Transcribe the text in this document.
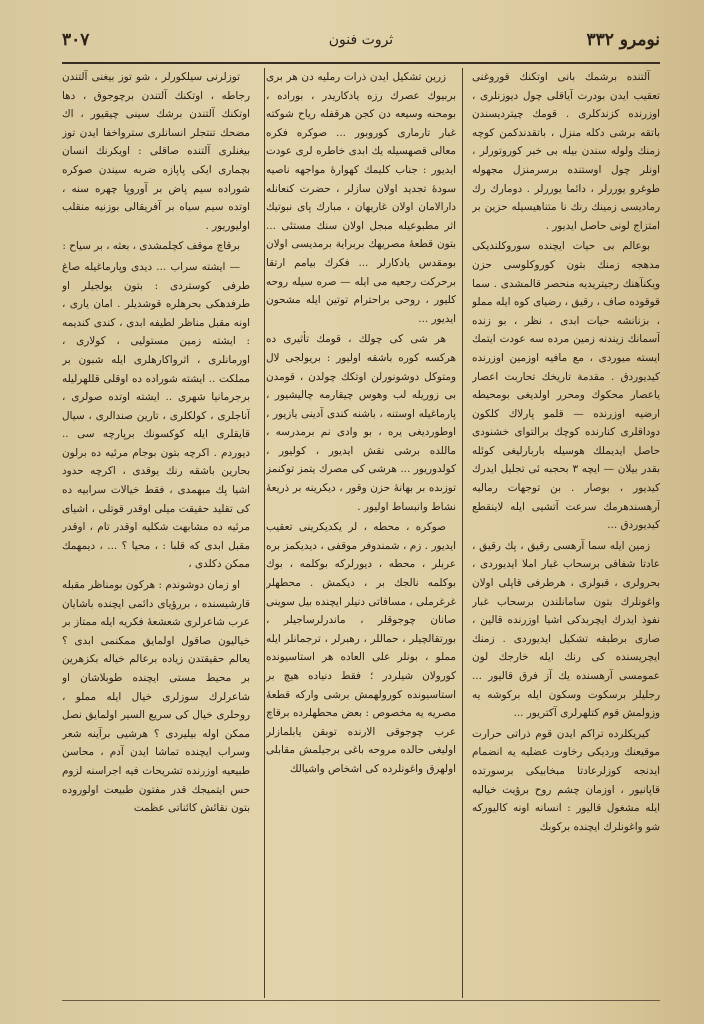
نومرو ٣٣٢
ثروت فنون
٣٠٧

آلتنده برشمك بانى اوتكنك قوروغنى تعقيب ايدن بودرت آياقلى چول ديوزنلرى ، اوزرنده كزندكلرى . قومك چيترديسندن باتقه برشى دكله منزل ، باتقدندكمن كوچه زمنك ولوله سندن بيله بى خبر كوروتورلر ، اونلر چول اوستنده برسرمنزل مجهوله طوغرو يوررلر ، دائما يوررلر . دومارك رك رماديسى زمينك رنك نا متناهيسيله حزين بر امتزاج لونى حاصل ايديور .

بوعالم بى حيات ايچنده سوروكلنديكى مدهجه زمنك بتون كوروكلوسى حزن ويكنآهنك رجيتريديه منحصر قالمشدى . سما قوقوده صاف ، رقيق ، رضياى كوه ايله مملو ، بزنانشه حيات ابدى ، نظر ، بو زنده آسمانك زيندنه زمين مرده سه عودت ايتمك ايسته ميوردى ، مع مافيه اوزمين اوزرنده كيديوردق . مقدمة تاريخك تحاربت اعصار ياعصار محكوك ومحرر اولديغى بومحيطه ارضيه اوزرنده — قلمو پارلاك كلكون دوداقلرى كنارنده كوچك برالتواى خشنودى حاصل ايديملك هوسيله باربارليغى كوئله بقدر بيلان — ايچه ٣ بحجبه ئى تجليل ايدرك كيديور ، بوصار . بن توجهات رماليه آرهسندهرمك سرعت آتشيى ايله لاينقطع كيديوردق ...

زمين ايله سما آرهسى رقيق ، پك رقيق ، عادتا شفافى برسحاب غبار املا ايديوردى ، بحرولرى ، قبولرى ، هرطرفى قاپلى اولان واغونلرك بتون سامانلندن برسحاب غبار نفوذ ايدرك ايچربدكى اشيا اوزرنده قالين ، صارى برطبقه تشكيل ايديوردى . زمنك ايچريسنده كى رنك ايله خارجك لون عمومسى آرهسنده يك آز فرق قاليور ... رجليلر برسكوت وسكون ايله بركوشه يه وزولمش قوم كتلهرلرى آكتريور ...

كيريكلرده تراكم ايدن قوم ذراتى حرارت موقيعنك ورديكى رخاوت عضليه يه انضمام ايدنجه كوزلرعادتا مبخابيكى برسورتده قاپانيور ، اوزمان چشم روح برؤيت خياليه ايله مشغول قاليور : انسانه اونه كاليوركه شو واغونلرك ايچنده بركوبك

زرين تشكيل ايدن ذرات رمليه دن هر برى بربيوك عصرك رزه يادكاريدر ، بوراده ، بومحنه وسيعه دن كجن هرقفله رياح شوكته غبار تارمارى كوروبور ... صوكره فكره معالى قصهسيله يك ابدى خاطره لرى عودت ايديور : جناب كليمك كهوارهٔ مواجهه ناصيه سودهٔ تجديد اولان سازلر ، حضرت كنعانله دارالامان اولان غاريهان ، مبارك پاى نبوتيك اثر مطبوعيله مبجل اولان سنك مستئى ... بتون قطعهٔ مصريهك بربراية برمديسى اولان بومقدس يادكارلر ... فكرك بيامم ارتقا برحركت رجعيه مى ايله — صره سيله روحه كليور ، روحى براحترام توتين ايله مشحون ايديور ...

هر شى كى چولك ، قومك تأثيرى ده هركسه كوره باشقه اوليور : بريولجى لال ومتوكل دوشونورلن اوتكك چولدن ، قومدن بى زوريله لب وهوس چيقارمه چاليشيور ، پارماغيله اوستنه ، باشنه كندى آدينى يازيور ، اوطورديغى يره ، بو وادى نم برمدرسه ، ماللده برشى نقش ايديور ، كوليور ، كولدوريور ... هرشى كى مصرك يتمز توكنمز توزىده بر بهانهٔ حزن وقور ، ديكرينه بر ذريعهٔ نشاط وانبساط اوليور .

صوكره ، محطه ، لر يكديكرينى تعقيب ايديور . زم ، شمندوفر موقفى ، ديديكمز بره عربلر ، محطه ، ديورلركه بوكلمه ، بوك بوكلمه نالجك بر ، ديكمش . محطهلر غرغرملى ، مسافاتى دنيلر ايچنده بيل سوينى صانان چوجوقلر ، ماندرلرساجيلر ، بورتقالچيلر ، حماللر ، رهبرلر ، ترجمانلر ايله مملو ، بونلر على العاده هر استاسيونده كورولان شيلردر ؛ فقط دنياده هيچ بر استاسيونده كورولهمش برشى واركه قطعهٔ مصريه يه مخصوص : بعض محطهلرده برقاچ عرب چوجوقى الارنده توبقن يابلمازلر اوليغى حالده مروحه باغى برجيلمش مقابلى اولهرق واغونلرده كى اشخاص واشيالك

توزلرنى سيلكورلر ، شو توز بيغنى آلتندن رجاطه ، اوتكنك آلتندن برچوجوق ، دها اوتكنك آلتندن برشك سينى چيقيور ، اك مضحك تنتجلر انسانلرى سترواخفا ايدن توز بيغنلرى آلتنده صاقلى : اويكرنك انسان بچمارى ايكى پاپازه ضربه سيندن صوكره شوراده سيم پاض بر آوروپا چهره سنه ، اوتده سيم سياه بر آفريقالى بوزنيه منقلب اوليوريور .

برقاچ موقف كچلمشدى ، بعثه ، بر سياح :

— ايشته سراب ... ديدى وپارماغيله صاغ طرفى كوستردى : بتون يولجيلر او طرفدهكى بحرهلره قوشديلر . امان يارى ، اونه مقبل مناظر لطيفه ابدى ، كندى كنديمه : ايشته زمين مستوليى ، كولارى ، اورمانلرى ، اثرواكارهلرى ايله شبون بر مملكت .. ايشته شوراده ده اوقلى قللهرليله برجرمانيا شهرى .. ايشته اوتده صولرى ، آناجلرى ، كولكلرى ، تارين صندالرى ، سيال قايقلرى ايله كوكسونك برپارچه سى .. ديوردم . اكرچه بتون بوجام مرئيه ده برلون بحارين باشقه رنك يوقدى ، اكرچه حدود اشيا پك مبهمدى ، فقط خيالات سرابيه ده كى تقليد حقيقت ميلى اوقدر قوتلى ، اشياى مرئيه ده مشابهت شكليه اوقدر تام ، اوقدر مقبل ابدى كه قلبا : ، محيا ؟ ... ، ديمهمك ممكن دكلدى ،

او زمان دوشوندم : هركون بومناظر مقبله قارشيسنده ، بررؤياى دائمى ايچنده باشايان عرب شاعرلرى شعشعهٔ فكريه ايله ممتاز بر خياليون صاقول اولمايق ممكنمى ابدى ؟ يعالم حقيقتدن زياده برعالم خياله بكزهرين بر محيط مستى ايچنده طوبلاشان او شاعرلرك سوزلرى خيال ايله مملو ، روحلرى خيال كى سريع السير اولمايق نصل ممكن اوله بيليردى ؟ هرشيى برآينه شعر وسراب ايچنده تماشا ايدن آدم ، محاسن طبيعيه اوزرنده تشريحات فيه اجراسنه لزوم حس ايتميجك قدر مفتون طبيعت اولوروده بتون نقائش كائناتى عظمت
